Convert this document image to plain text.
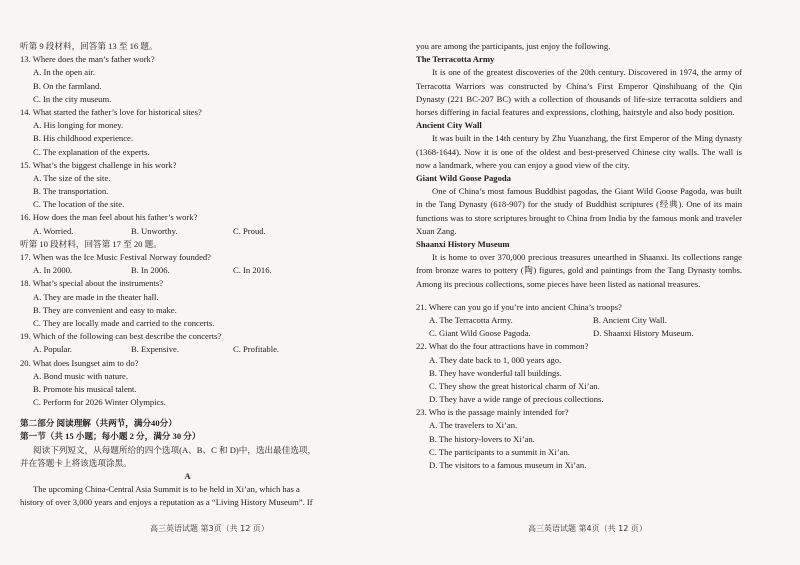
听第 9 段材料，回答第 13 至 16 题。
13. Where does the man’s father work?
A. In the open air.
B. On the farmland.
C. In the city museum.
14. What started the father’s love for historical sites?
A. His longing for money.
B. His childhood experience.
C. The explanation of the experts.
15. What’s the biggest challenge in his work?
A. The size of the site.
B. The transportation.
C. The location of the site.
16. How does the man feel about his father’s work?
A. Worried.	B. Unworthy.	C. Proud.
听第 10 段材料，回答第 17 至 20 题。
17. When was the Ice Music Festival Norway founded?
A. In 2000.	B. In 2006.	C. In 2016.
18. What’s special about the instruments?
A. They are made in the theater hall.
B. They are convenient and easy to make.
C. They are locally made and carried to the concerts.
19. Which of the following can best describe the concerts?
A. Popular.	B. Expensive.	C. Profitable.
20. What does Isungset aim to do?
A. Bond music with nature.
B. Promote his musical talent.
C. Perform for 2026 Winter Olympics.
第二部分 阅读理解（共两节，满分40分）
第一节（共 15 小题；每小题 2 分，满分 30 分）
阅读下列短文，从每题所给的四个选项(A、B、C 和 D)中，选出最佳选项，
并在答题卡上将该选项涂黑。
A
The upcoming China-Central Asia Summit is to be held in Xi’an, which has a
history of over 3,000 years and enjoys a reputation as a “Living History Museum”. If
you are among the participants, just enjoy the following.
The Terracotta Army
It is one of the greatest discoveries of the 20th century. Discovered in 1974, the army of Terracotta Warriors was constructed by China’s First Emperor Qinshihuang of the Qin Dynasty (221 BC-207 BC) with a collection of thousands of life-size terracotta soldiers and horses differing in facial features and expressions, clothing, hairstyle and also body position.
Ancient City Wall
It was built in the 14th century by Zhu Yuanzhang, the first Emperor of the Ming dynasty (1368-1644). Now it is one of the oldest and best-preserved Chinese city walls. The wall is now a landmark, where you can enjoy a good view of the city.
Giant Wild Goose Pagoda
One of China’s most famous Buddhist pagodas, the Giant Wild Goose Pagoda, was built in the Tang Dynasty (618-907) for the study of Buddhist scriptures (经典). One of its main functions was to store scriptures brought to China from India by the famous monk and traveler Xuan Zang.
Shaanxi History Museum
It is home to over 370,000 precious treasures unearthed in Shaanxi. Its collections range from bronze wares to pottery (陶) figures, gold and paintings from the Tang Dynasty tombs. Among its precious collections, some pieces have been listed as national treasures.
21. Where can you go if you’re into ancient China’s troops?
A. The Terracotta Army.	B. Ancient City Wall.
C. Giant Wild Goose Pagoda.	D. Shaanxi History Museum.
22. What do the four attractions have in common?
A. They date back to 1, 000 years ago.
B. They have wonderful tall buildings.
C. They show the great historical charm of Xi’an.
D. They have a wide range of precious collections.
23. Who is the passage mainly intended for?
A. The travelers to Xi’an.
B. The history-lovers to Xi’an.
C. The participants to a summit in Xi’an.
D. The visitors to a famous museum in Xi’an.
高三英语试题 第3页（共 12 页）	高三英语试题 第4页（共 12 页）
